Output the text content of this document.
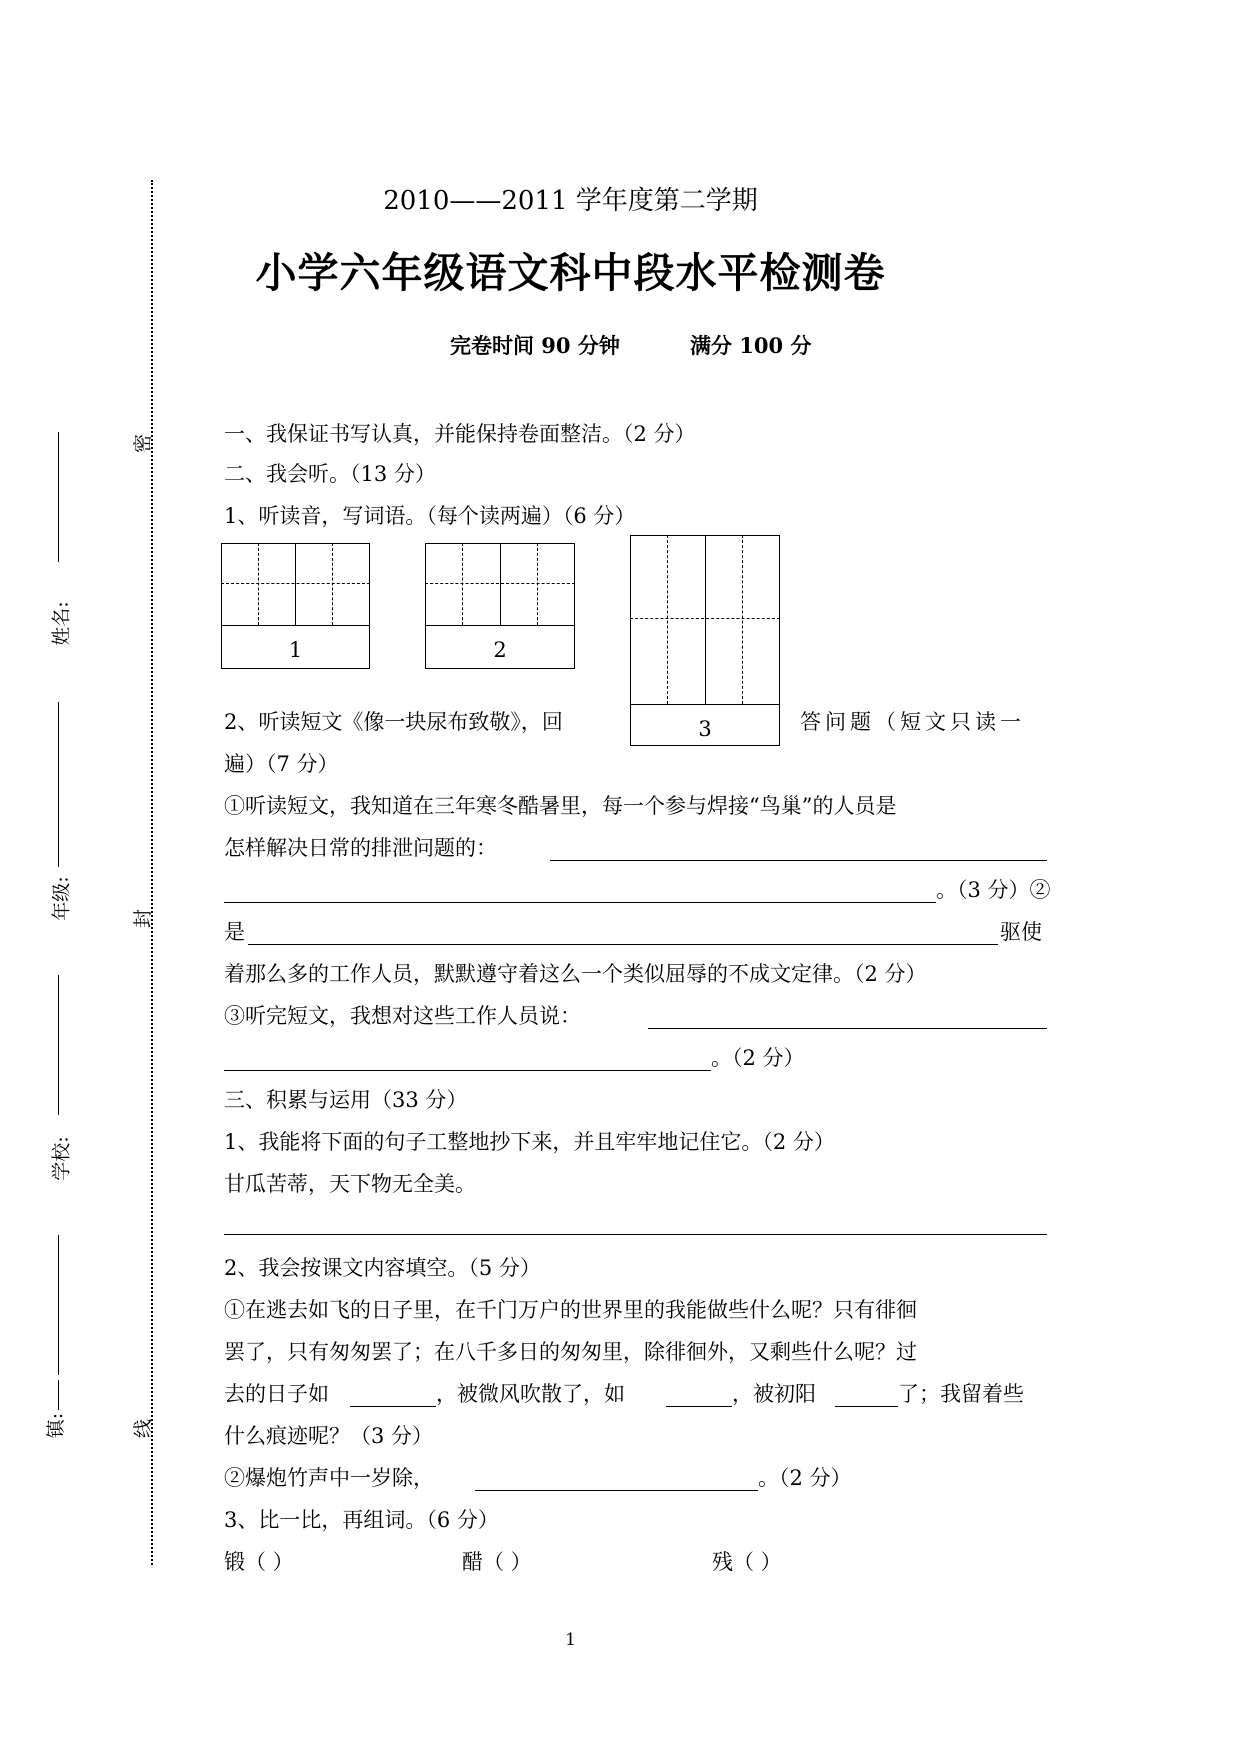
2010——2011 学年度第二学期
小学六年级语文科中段水平检测卷
完卷时间 90 分钟	满分 100 分
姓名:
年级:
学校:
镇:
密
封
线
一、我保证书写认真，并能保持卷面整洁。（2 分）
二、我会听。（13 分）
1、听读音，写词语。（每个读两遍）（6 分）
1	2
3
2、听读短文《像一块尿布致敬》，回	答问题（短文只读一
遍）（7 分）
①听读短文，我知道在三年寒冬酷暑里，每一个参与焊接“鸟巢”的人员是
怎样解决日常的排泄问题的：
。（3 分）②
是	驱使
着那么多的工作人员，默默遵守着这么一个类似屈辱的不成文定律。（2 分）
③听完短文，我想对这些工作人员说：
。（2 分）
三、积累与运用（33 分）
1、我能将下面的句子工整地抄下来，并且牢牢地记住它。（2 分）
甘瓜苦蒂，天下物无全美。
2、我会按课文内容填空。（5 分）
①在逃去如飞的日子里，在千门万户的世界里的我能做些什么呢？只有徘徊
罢了，只有匆匆罢了；在八千多日的匆匆里，除徘徊外，又剩些什么呢？过
去的日子如	，被微风吹散了，如	，被初阳	了；我留着些
什么痕迹呢？（3 分）
②爆炮竹声中一岁除，	。（2 分）
3、比一比，再组词。（6 分）
锻（ ）	醋（ ）	残（ ）
1
